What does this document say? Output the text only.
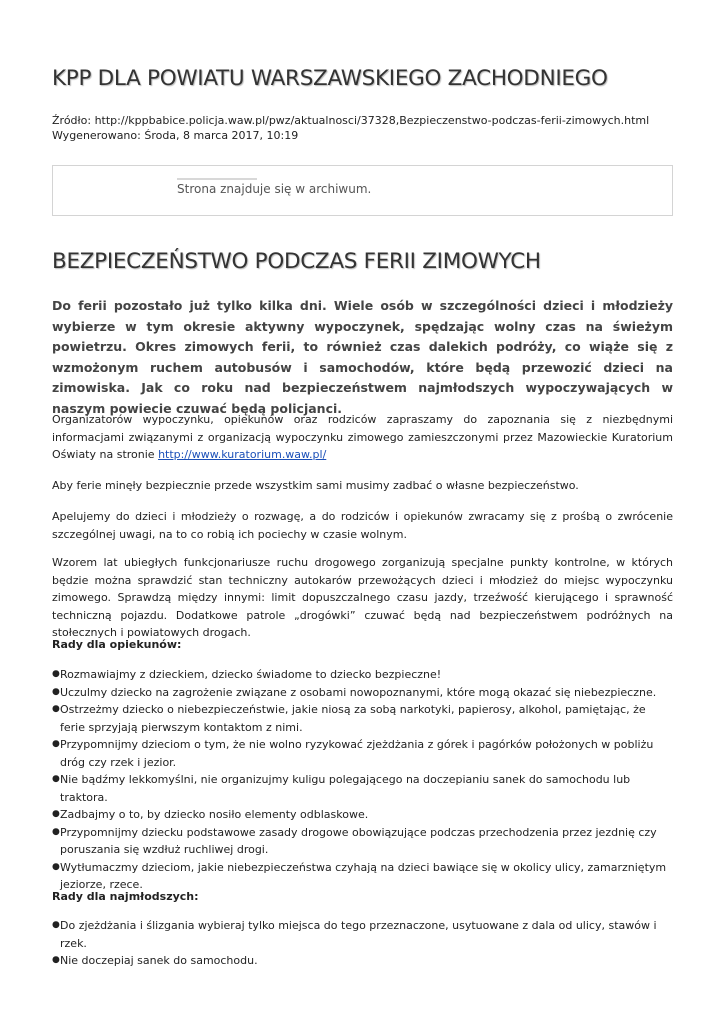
KPP DLA POWIATU WARSZAWSKIEGO ZACHODNIEGO
Źródło: http://kppbabice.policja.waw.pl/pwz/aktualnosci/37328,Bezpieczenstwo-podczas-ferii-zimowych.html
Wygenerowano: Środa, 8 marca 2017, 10:19
Strona znajduje się w archiwum.
BEZPIECZEŃSTWO PODCZAS FERII ZIMOWYCH

Do ferii pozostało już tylko kilka dni. Wiele osób w szczególności dzieci i młodzieży wybierze w tym okresie aktywny wypoczynek, spędzając wolny czas na świeżym powietrzu. Okres zimowych ferii, to również czas dalekich podróży, co wiąże się z wzmożonym ruchem autobusów i samochodów, które będą przewozić dzieci na zimowiska. Jak co roku nad bezpieczeństwem najmłodszych wypoczywających w naszym powiecie czuwać będą policjanci.

Organizatorów wypoczynku, opiekunów oraz rodziców zapraszamy do zapoznania się z niezbędnymi informacjami związanymi z organizacją wypoczynku zimowego zamieszczonymi przez Mazowieckie Kuratorium Oświaty na stronie http://www.kuratorium.waw.pl/

Aby ferie minęły bezpiecznie przede wszystkim sami musimy zadbać o własne bezpieczeństwo.

Apelujemy do dzieci i młodzieży o rozwagę, a do rodziców i opiekunów zwracamy się z prośbą o zwrócenie szczególnej uwagi, na to co robią ich pociechy w czasie wolnym.

Wzorem lat ubiegłych funkcjonariusze ruchu drogowego zorganizują specjalne punkty kontrolne, w których będzie można sprawdzić stan techniczny autokarów przewożących dzieci i młodzież do miejsc wypoczynku zimowego. Sprawdzą między innymi: limit dopuszczalnego czasu jazdy, trzeźwość kierującego i sprawność techniczną pojazdu. Dodatkowe patrole „drogówki” czuwać będą nad bezpieczeństwem podróżnych na stołecznych i powiatowych drogach.

Rady dla opiekunów:
● Rozmawiajmy z dzieckiem, dziecko świadome to dziecko bezpieczne!
● Uczulmy dziecko na zagrożenie związane z osobami nowopoznanymi, które mogą okazać się niebezpieczne.
● Ostrzeżmy dziecko o niebezpieczeństwie, jakie niosą za sobą narkotyki, papierosy, alkohol, pamiętając, że ferie sprzyjają pierwszym kontaktom z nimi.
● Przypomnijmy dzieciom o tym, że nie wolno ryzykować zjeżdżania z górek i pagórków położonych w pobliżu dróg czy rzek i jezior.
● Nie bądźmy lekkomyślni, nie organizujmy kuligu polegającego na doczepianiu sanek do samochodu lub traktora.
● Zadbajmy o to, by dziecko nosiło elementy odblaskowe.
● Przypomnijmy dziecku podstawowe zasady drogowe obowiązujące podczas przechodzenia przez jezdnię czy poruszania się wzdłuż ruchliwej drogi.
● Wytłumaczmy dzieciom, jakie niebezpieczeństwa czyhają na dzieci bawiące się w okolicy ulicy, zamarzniętym jeziorze, rzece.
Rady dla najmłodszych:
● Do zjeżdżania i ślizgania wybieraj tylko miejsca do tego przeznaczone, usytuowane z dala od ulicy, stawów i rzek.
● Nie doczepiaj sanek do samochodu.
